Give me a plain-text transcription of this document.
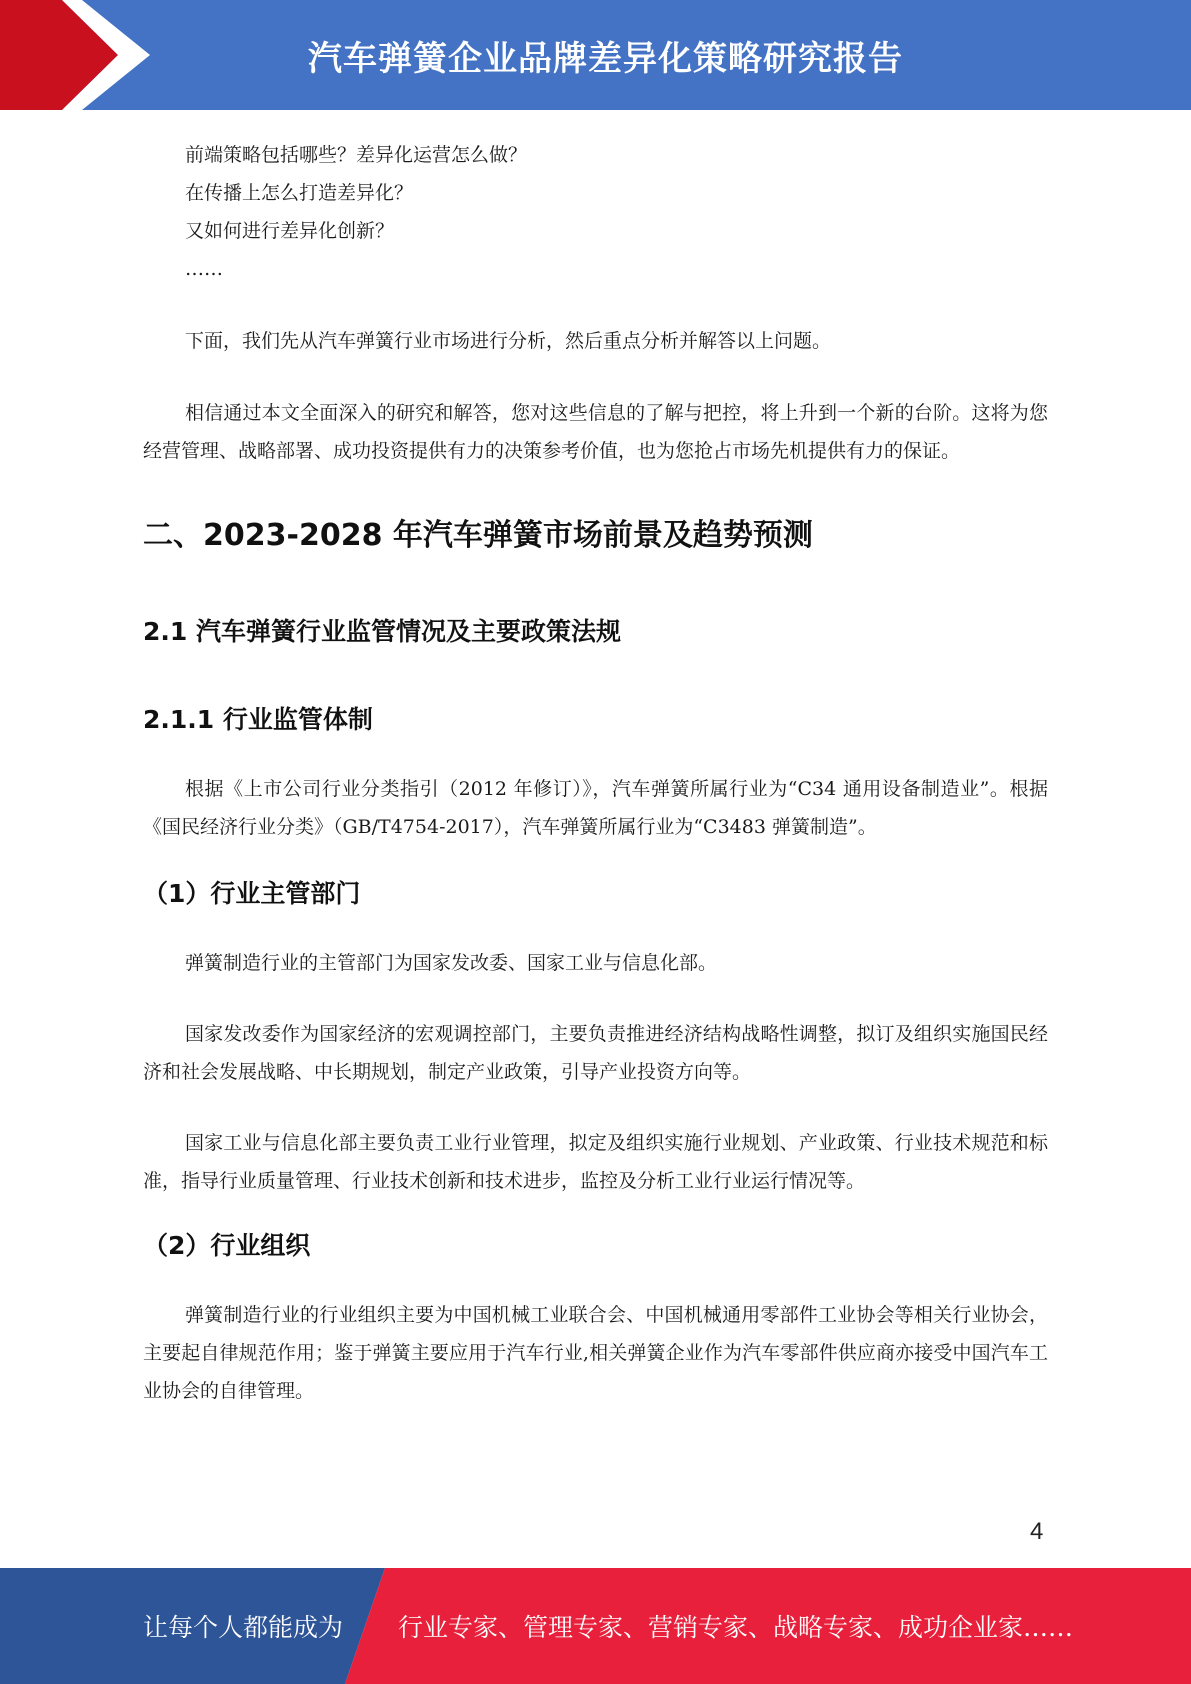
汽车弹簧企业品牌差异化策略研究报告
前端策略包括哪些？差异化运营怎么做？
在传播上怎么打造差异化？
又如何进行差异化创新？
……

下面，我们先从汽车弹簧行业市场进行分析，然后重点分析并解答以上问题。

相信通过本文全面深入的研究和解答，您对这些信息的了解与把控，将上升到一个新的台阶。这将为您经营管理、战略部署、成功投资提供有力的决策参考价值，也为您抢占市场先机提供有力的保证。

二、2023-2028 年汽车弹簧市场前景及趋势预测
2.1 汽车弹簧行业监管情况及主要政策法规
2.1.1 行业监管体制

根据《上市公司行业分类指引（2012 年修订）》，汽车弹簧所属行业为“C34 通用设备制造业”。根据《国民经济行业分类》（GB/T4754-2017），汽车弹簧所属行业为“C3483 弹簧制造”。

（1）行业主管部门

弹簧制造行业的主管部门为国家发改委、国家工业与信息化部。

国家发改委作为国家经济的宏观调控部门，主要负责推进经济结构战略性调整，拟订及组织实施国民经济和社会发展战略、中长期规划，制定产业政策，引导产业投资方向等。

国家工业与信息化部主要负责工业行业管理，拟定及组织实施行业规划、产业政策、行业技术规范和标准，指导行业质量管理、行业技术创新和技术进步，监控及分析工业行业运行情况等。

（2）行业组织

弹簧制造行业的行业组织主要为中国机械工业联合会、中国机械通用零部件工业协会等相关行业协会，主要起自律规范作用；鉴于弹簧主要应用于汽车行业,相关弹簧企业作为汽车零部件供应商亦接受中国汽车工业协会的自律管理。

4
让每个人都能成为 行业专家、管理专家、营销专家、战略专家、成功企业家……
